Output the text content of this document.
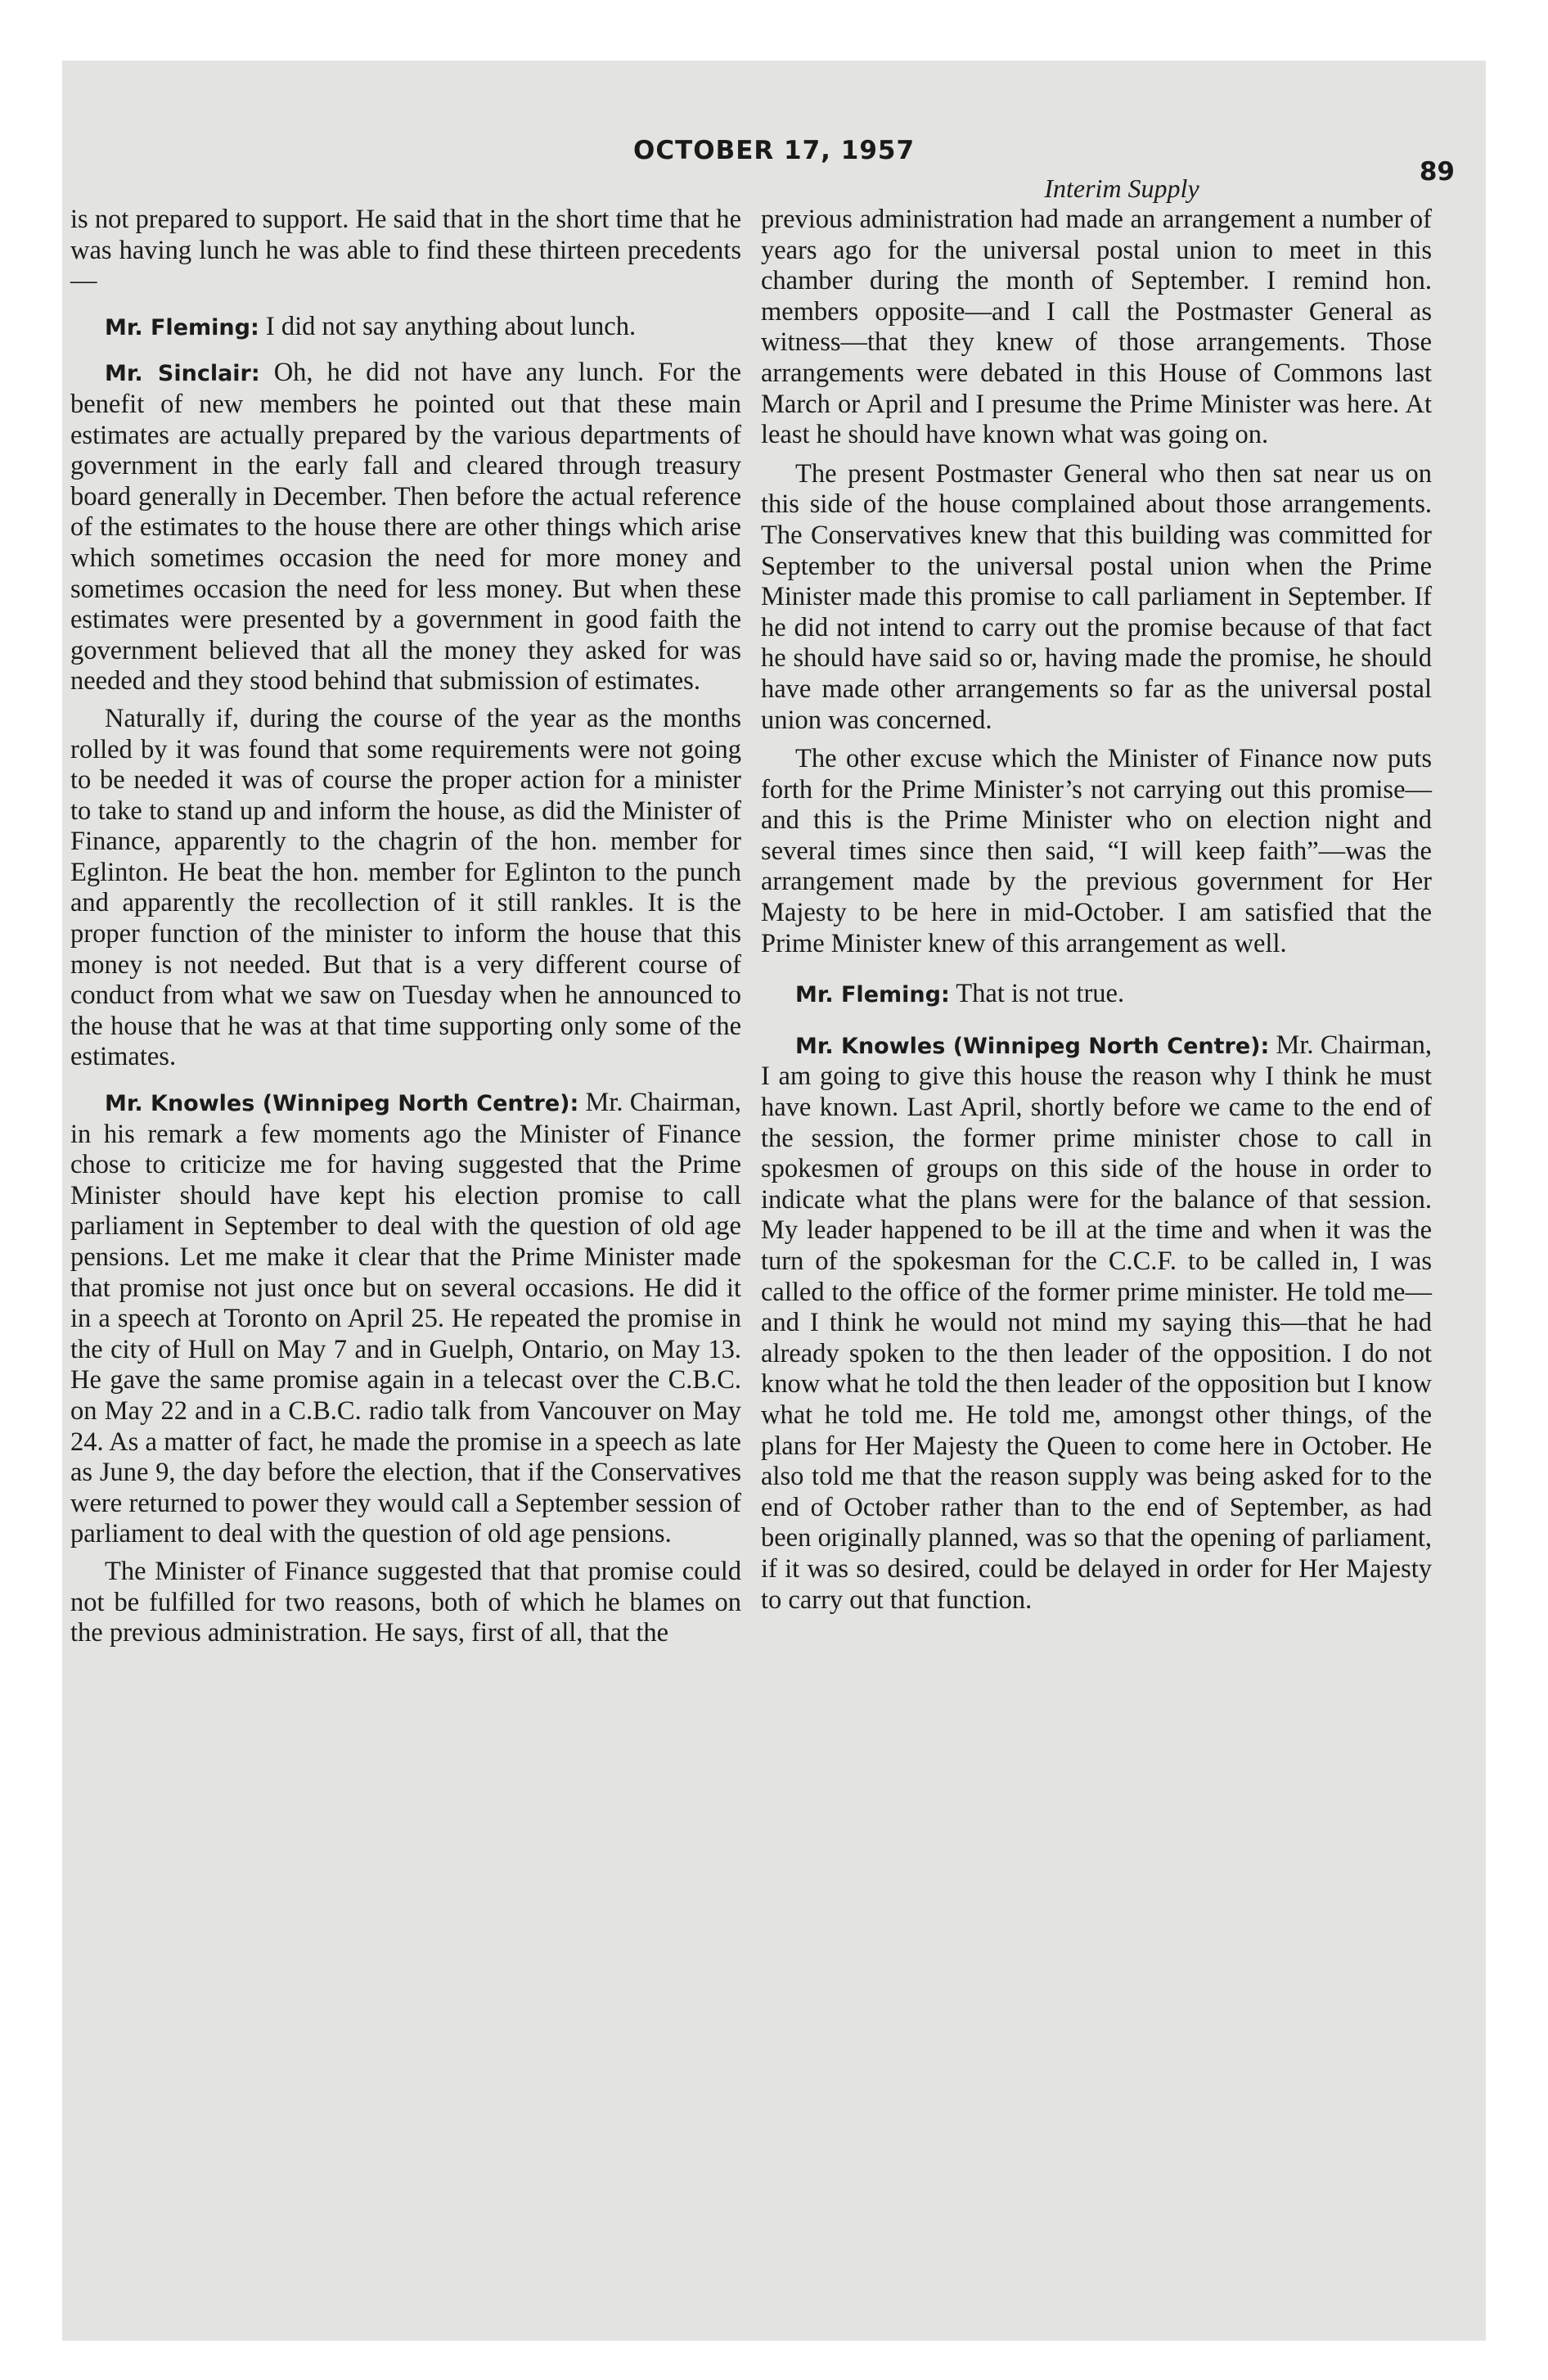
OCTOBER 17, 1957
89
Interim Supply

is not prepared to support. He said that in the short time that he was having lunch he was able to find these thirteen precedents—

Mr. Fleming: I did not say anything about lunch.

Mr. Sinclair: Oh, he did not have any lunch. For the benefit of new members he pointed out that these main estimates are actually prepared by the various departments of government in the early fall and cleared through treasury board generally in December. Then before the actual reference of the estimates to the house there are other things which arise which sometimes occasion the need for more money and sometimes occasion the need for less money. But when these estimates were presented by a government in good faith the government believed that all the money they asked for was needed and they stood behind that submission of estimates.

Naturally if, during the course of the year as the months rolled by it was found that some requirements were not going to be needed it was of course the proper action for a minister to take to stand up and inform the house, as did the Minister of Finance, apparently to the chagrin of the hon. member for Eglinton. He beat the hon. member for Eglinton to the punch and apparently the recollection of it still rankles. It is the proper function of the minister to inform the house that this money is not needed. But that is a very different course of conduct from what we saw on Tuesday when he announced to the house that he was at that time supporting only some of the estimates.

Mr. Knowles (Winnipeg North Centre): Mr. Chairman, in his remark a few moments ago the Minister of Finance chose to criticize me for having suggested that the Prime Minister should have kept his election promise to call parliament in September to deal with the question of old age pensions. Let me make it clear that the Prime Minister made that promise not just once but on several occasions. He did it in a speech at Toronto on April 25. He repeated the promise in the city of Hull on May 7 and in Guelph, Ontario, on May 13. He gave the same promise again in a telecast over the C.B.C. on May 22 and in a C.B.C. radio talk from Vancouver on May 24. As a matter of fact, he made the promise in a speech as late as June 9, the day before the election, that if the Conservatives were returned to power they would call a September session of parliament to deal with the question of old age pensions.

The Minister of Finance suggested that that promise could not be fulfilled for two reasons, both of which he blames on the previous administration. He says, first of all, that the

previous administration had made an arrangement a number of years ago for the universal postal union to meet in this chamber during the month of September. I remind hon. members opposite—and I call the Postmaster General as witness—that they knew of those arrangements. Those arrangements were debated in this House of Commons last March or April and I presume the Prime Minister was here. At least he should have known what was going on.

The present Postmaster General who then sat near us on this side of the house complained about those arrangements. The Conservatives knew that this building was committed for September to the universal postal union when the Prime Minister made this promise to call parliament in September. If he did not intend to carry out the promise because of that fact he should have said so or, having made the promise, he should have made other arrangements so far as the universal postal union was concerned.

The other excuse which the Minister of Finance now puts forth for the Prime Minister’s not carrying out this promise—and this is the Prime Minister who on election night and several times since then said, “I will keep faith”—was the arrangement made by the previous government for Her Majesty to be here in mid-October. I am satisfied that the Prime Minister knew of this arrangement as well.

Mr. Fleming: That is not true.

Mr. Knowles (Winnipeg North Centre): Mr. Chairman, I am going to give this house the reason why I think he must have known. Last April, shortly before we came to the end of the session, the former prime minister chose to call in spokesmen of groups on this side of the house in order to indicate what the plans were for the balance of that session. My leader happened to be ill at the time and when it was the turn of the spokesman for the C.C.F. to be called in, I was called to the office of the former prime minister. He told me—and I think he would not mind my saying this—that he had already spoken to the then leader of the opposition. I do not know what he told the then leader of the opposition but I know what he told me. He told me, amongst other things, of the plans for Her Majesty the Queen to come here in October. He also told me that the reason supply was being asked for to the end of October rather than to the end of September, as had been originally planned, was so that the opening of parliament, if it was so desired, could be delayed in order for Her Majesty to carry out that function.
